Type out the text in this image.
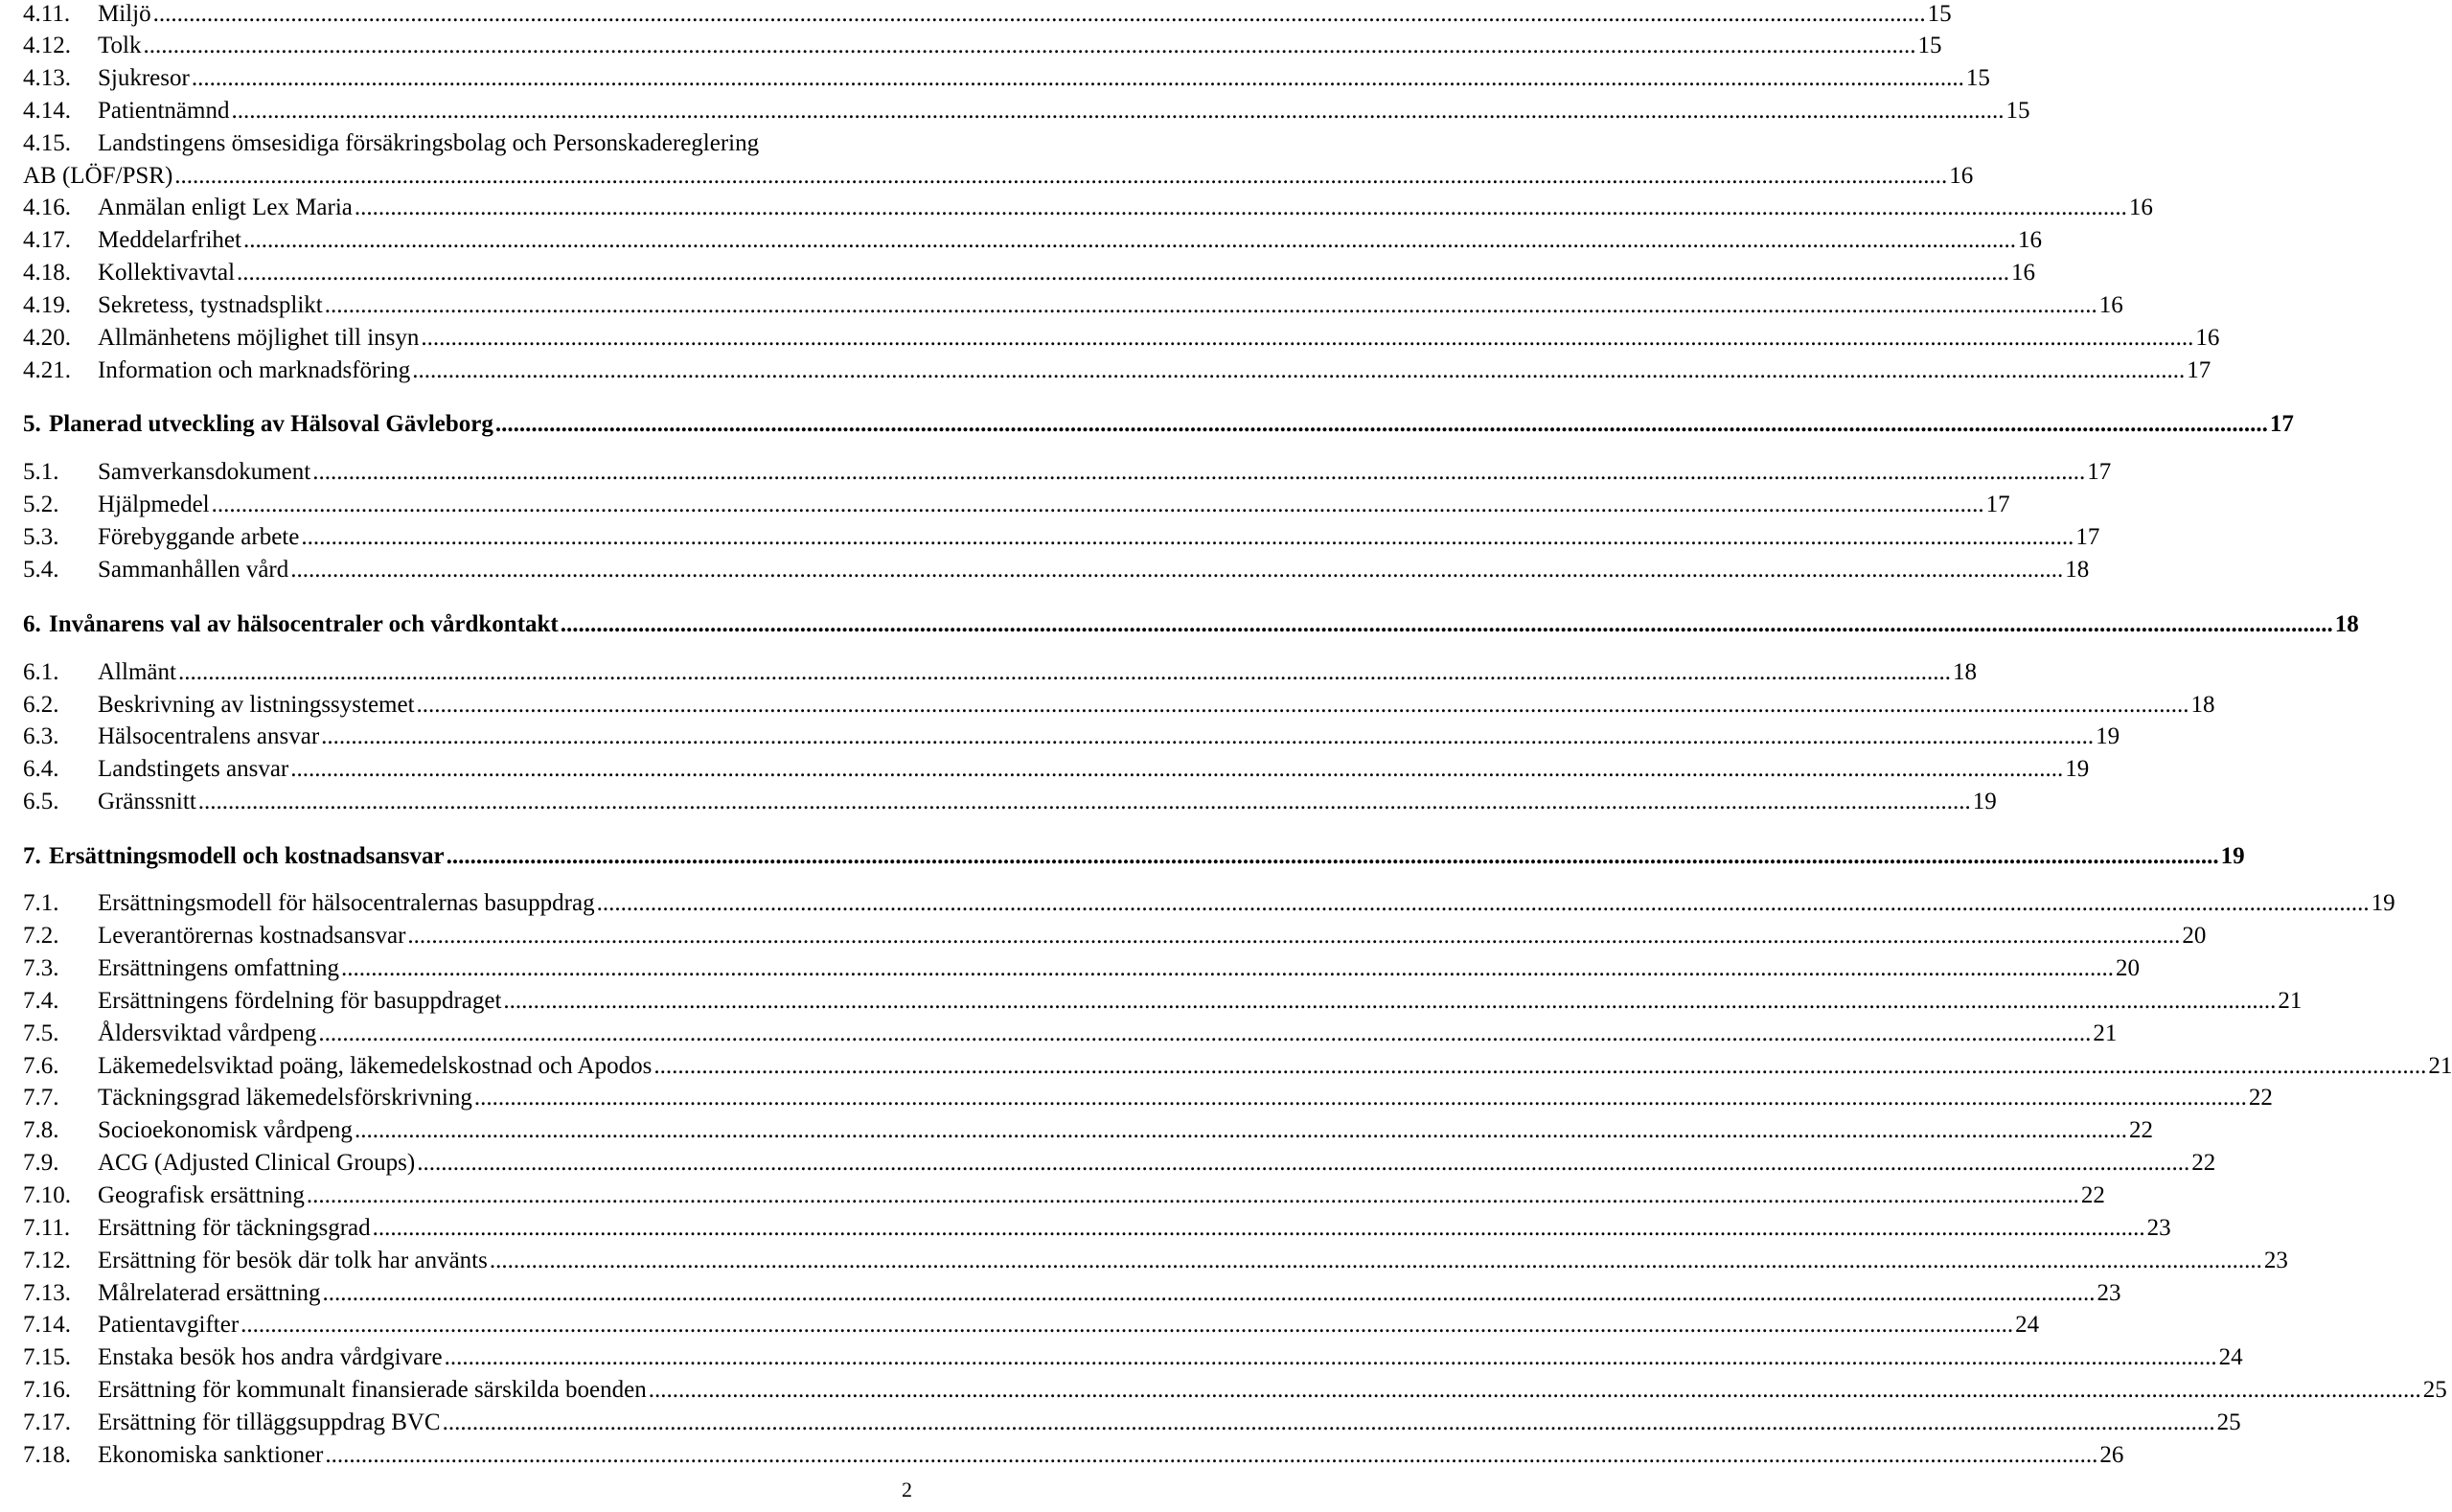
4.11.	Miljö .....	15
4.12.	Tolk .....	15
4.13.	Sjukresor .....	15
4.14.	Patientnämnd .....	15
4.15.	Landstingens ömsesidiga försäkringsbolag och Personskadereglering
AB (LÖF/PSR) .....	16
4.16.	Anmälan enligt Lex Maria .....	16
4.17.	Meddelarfrihet .....	16
4.18.	Kollektivavtal .....	16
4.19.	Sekretess, tystnadsplikt .....	16
4.20.	Allmänhetens möjlighet till insyn .....	16
4.21.	Information och marknadsföring .....	17
5. Planerad utveckling av Hälsoval Gävleborg .....	17
5.1.	Samverkansdokument .....	17
5.2.	Hjälpmedel .....	17
5.3.	Förebyggande arbete .....	17
5.4.	Sammanhållen vård .....	18
6. Invånarens val av hälsocentraler och vårdkontakt .....	18
6.1.	Allmänt .....	18
6.2.	Beskrivning av listningssystemet .....	18
6.3.	Hälsocentralens ansvar .....	19
6.4.	Landstingets ansvar .....	19
6.5.	Gränssnitt .....	19
7. Ersättningsmodell och kostnadsansvar .....	19
7.1.	Ersättningsmodell för hälsocentralernas basuppdrag .....	19
7.2.	Leverantörernas kostnadsansvar .....	20
7.3.	Ersättningens omfattning .....	20
7.4.	Ersättningens fördelning för basuppdraget .....	21
7.5.	Åldersviktad vårdpeng .....	21
7.6.	Läkemedelsviktad poäng, läkemedelskostnad och Apodos .....	21
7.7.	Täckningsgrad läkemedelsförskrivning .....	22
7.8.	Socioekonomisk vårdpeng .....	22
7.9.	ACG (Adjusted Clinical Groups) .....	22
7.10.	Geografisk ersättning .....	22
7.11.	Ersättning för täckningsgrad .....	23
7.12.	Ersättning för besök där tolk har använts .....	23
7.13.	Målrelaterad ersättning .....	23
7.14.	Patientavgifter .....	24
7.15.	Enstaka besök hos andra vårdgivare .....	24
7.16.	Ersättning för kommunalt finansierade särskilda boenden .....	25
7.17.	Ersättning för tilläggsuppdrag BVC .....	25
7.18.	Ekonomiska sanktioner .....	26
2
